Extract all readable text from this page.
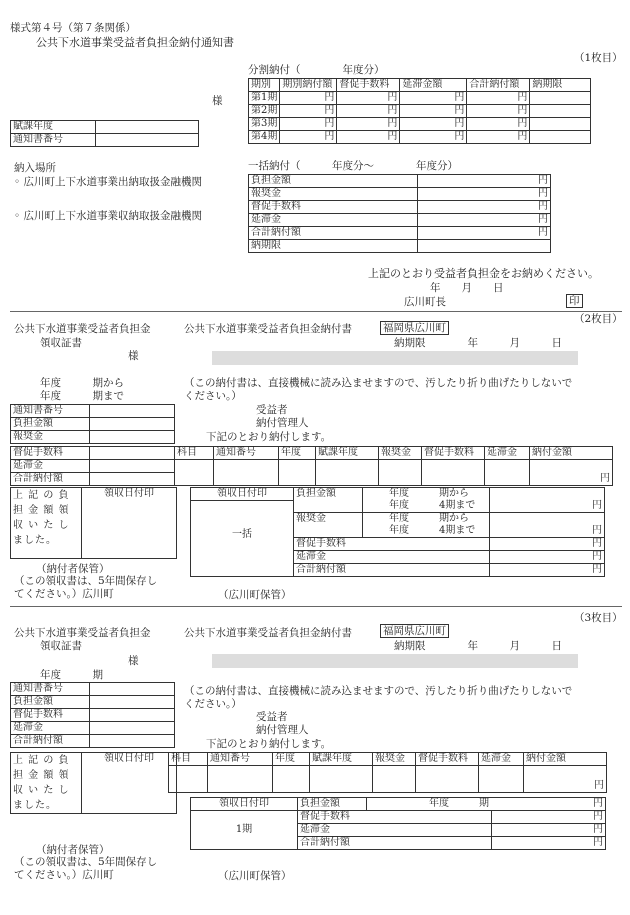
様式第４号（第７条関係）
公共下水道事業受益者負担金納付通知書
（1枚目）
分割納付（　　　　年度分）
様
期別	期別納付額	督促手数料	延滞金額	合計納付額	納期限
第1期	円	円	円	円	
第2期	円	円	円	円	
第3期	円	円	円	円	
第4期	円	円	円	円	
賦課年度	
通知書番号	
納入場所
◦ 広川町上下水道事業出納取扱金融機関
◦ 広川町上下水道事業収納取扱金融機関
一括納付（　　　年度分〜　　　　年度分）
負担金額	円
報奨金	円
督促手数料	円
延滞金	円
合計納付額	円
納期限	
上記のとおり受益者負担金をお納めください。
年　　月　　日
広川町長	印
（2枚目）
公共下水道事業受益者負担金
領収証書
様
公共下水道事業受益者負担金納付書	福岡県広川町
納期限　　　　年　　　月　　　日
年度　　　期から
年度　　　期まで
（この納付書は、直接機械に読み込ませますので、汚したり折り曲げたりしないで
ください。）
受益者
納付管理人
下記のとおり納付します。
通知書番号	
負担金額	
報奨金	
督促手数料		科目	通知番号	年度	賦課年度	報奨金	督促手数料	延滞金	納付金額
延滞金									円
合計納付額									
上 記 の 負担 金 額 領収 い た しました。	領収日付印
（納付者保管）
（この領収書は、5年間保存し
てください。）広川町
領収日付印
一括	負担金額		年度　　　期から	
			年度　　　4期まで	円
	報奨金		年度　　　期から	
			年度　　　4期まで	円
	督促手数料			円
	延滞金			円
	合計納付額			円
（広川町保管）
（3枚目）
公共下水道事業受益者負担金
領収証書
様
公共下水道事業受益者負担金納付書	福岡県広川町
納期限　　　　年　　　月　　　日
年度　　　期
通知書番号	
負担金額	
督促手数料	
延滞金	
合計納付額	
（この納付書は、直接機械に読み込ませますので、汚したり折り曲げたりしないで
ください。）
受益者
納付管理人
下記のとおり納付します。
上 記 の 負担 金 額 領収 い た しました。	領収日付印 科目	通知番号	年度	賦課年度	報奨金	督促手数料	延滞金	納付金額
							円
領収日付印	負担金額	年度　　　期	円
1期	督促手数料		円
	延滞金		円
	合計納付額		円
（納付者保管）
（この領収書は、5年間保存し
てください。）広川町	（広川町保管）
